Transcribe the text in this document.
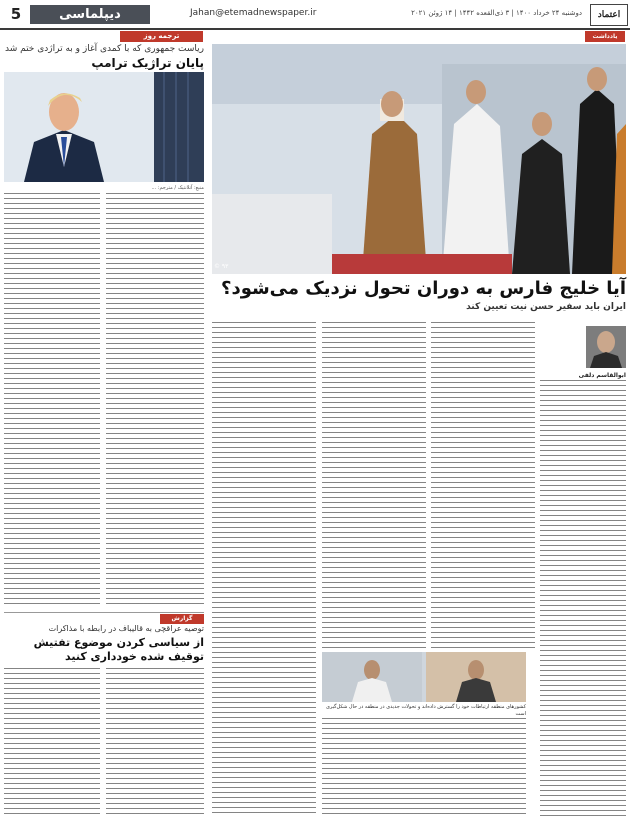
5	دیپلماسی	Jahan@etemadnewspaper.ir	دوشنبه ۲۴ خرداد ۱۴۰۰ | ۳ ذی‌القعده ۱۴۴۲ | ۱۴ ژوئن ۲۰۲۱	اعتماد
ترجمه روز
ریاست جمهوری که با کمدی آغاز و به تراژدی ختم شد
پایان تراژیک ترامپ
منبع: آتلانتیک / مترجم: ...
گزارش
توصیه عراقچی به قالیباف در رابطه با مذاکرات
از سیاسی کردن موضوع تفتیش توقیف شده خودداری کنید
یادداشت
© ۹۳
آیا خلیج فارس به دوران تحول نزدیک می‌شود؟
ایران باید سفیر حسن نیت تعیین کند
ابوالقاسم دلفی
کشورهای منطقه ارتباطات خود را گسترش داده‌اند و تحولات جدیدی در منطقه در حال شکل‌گیری است
